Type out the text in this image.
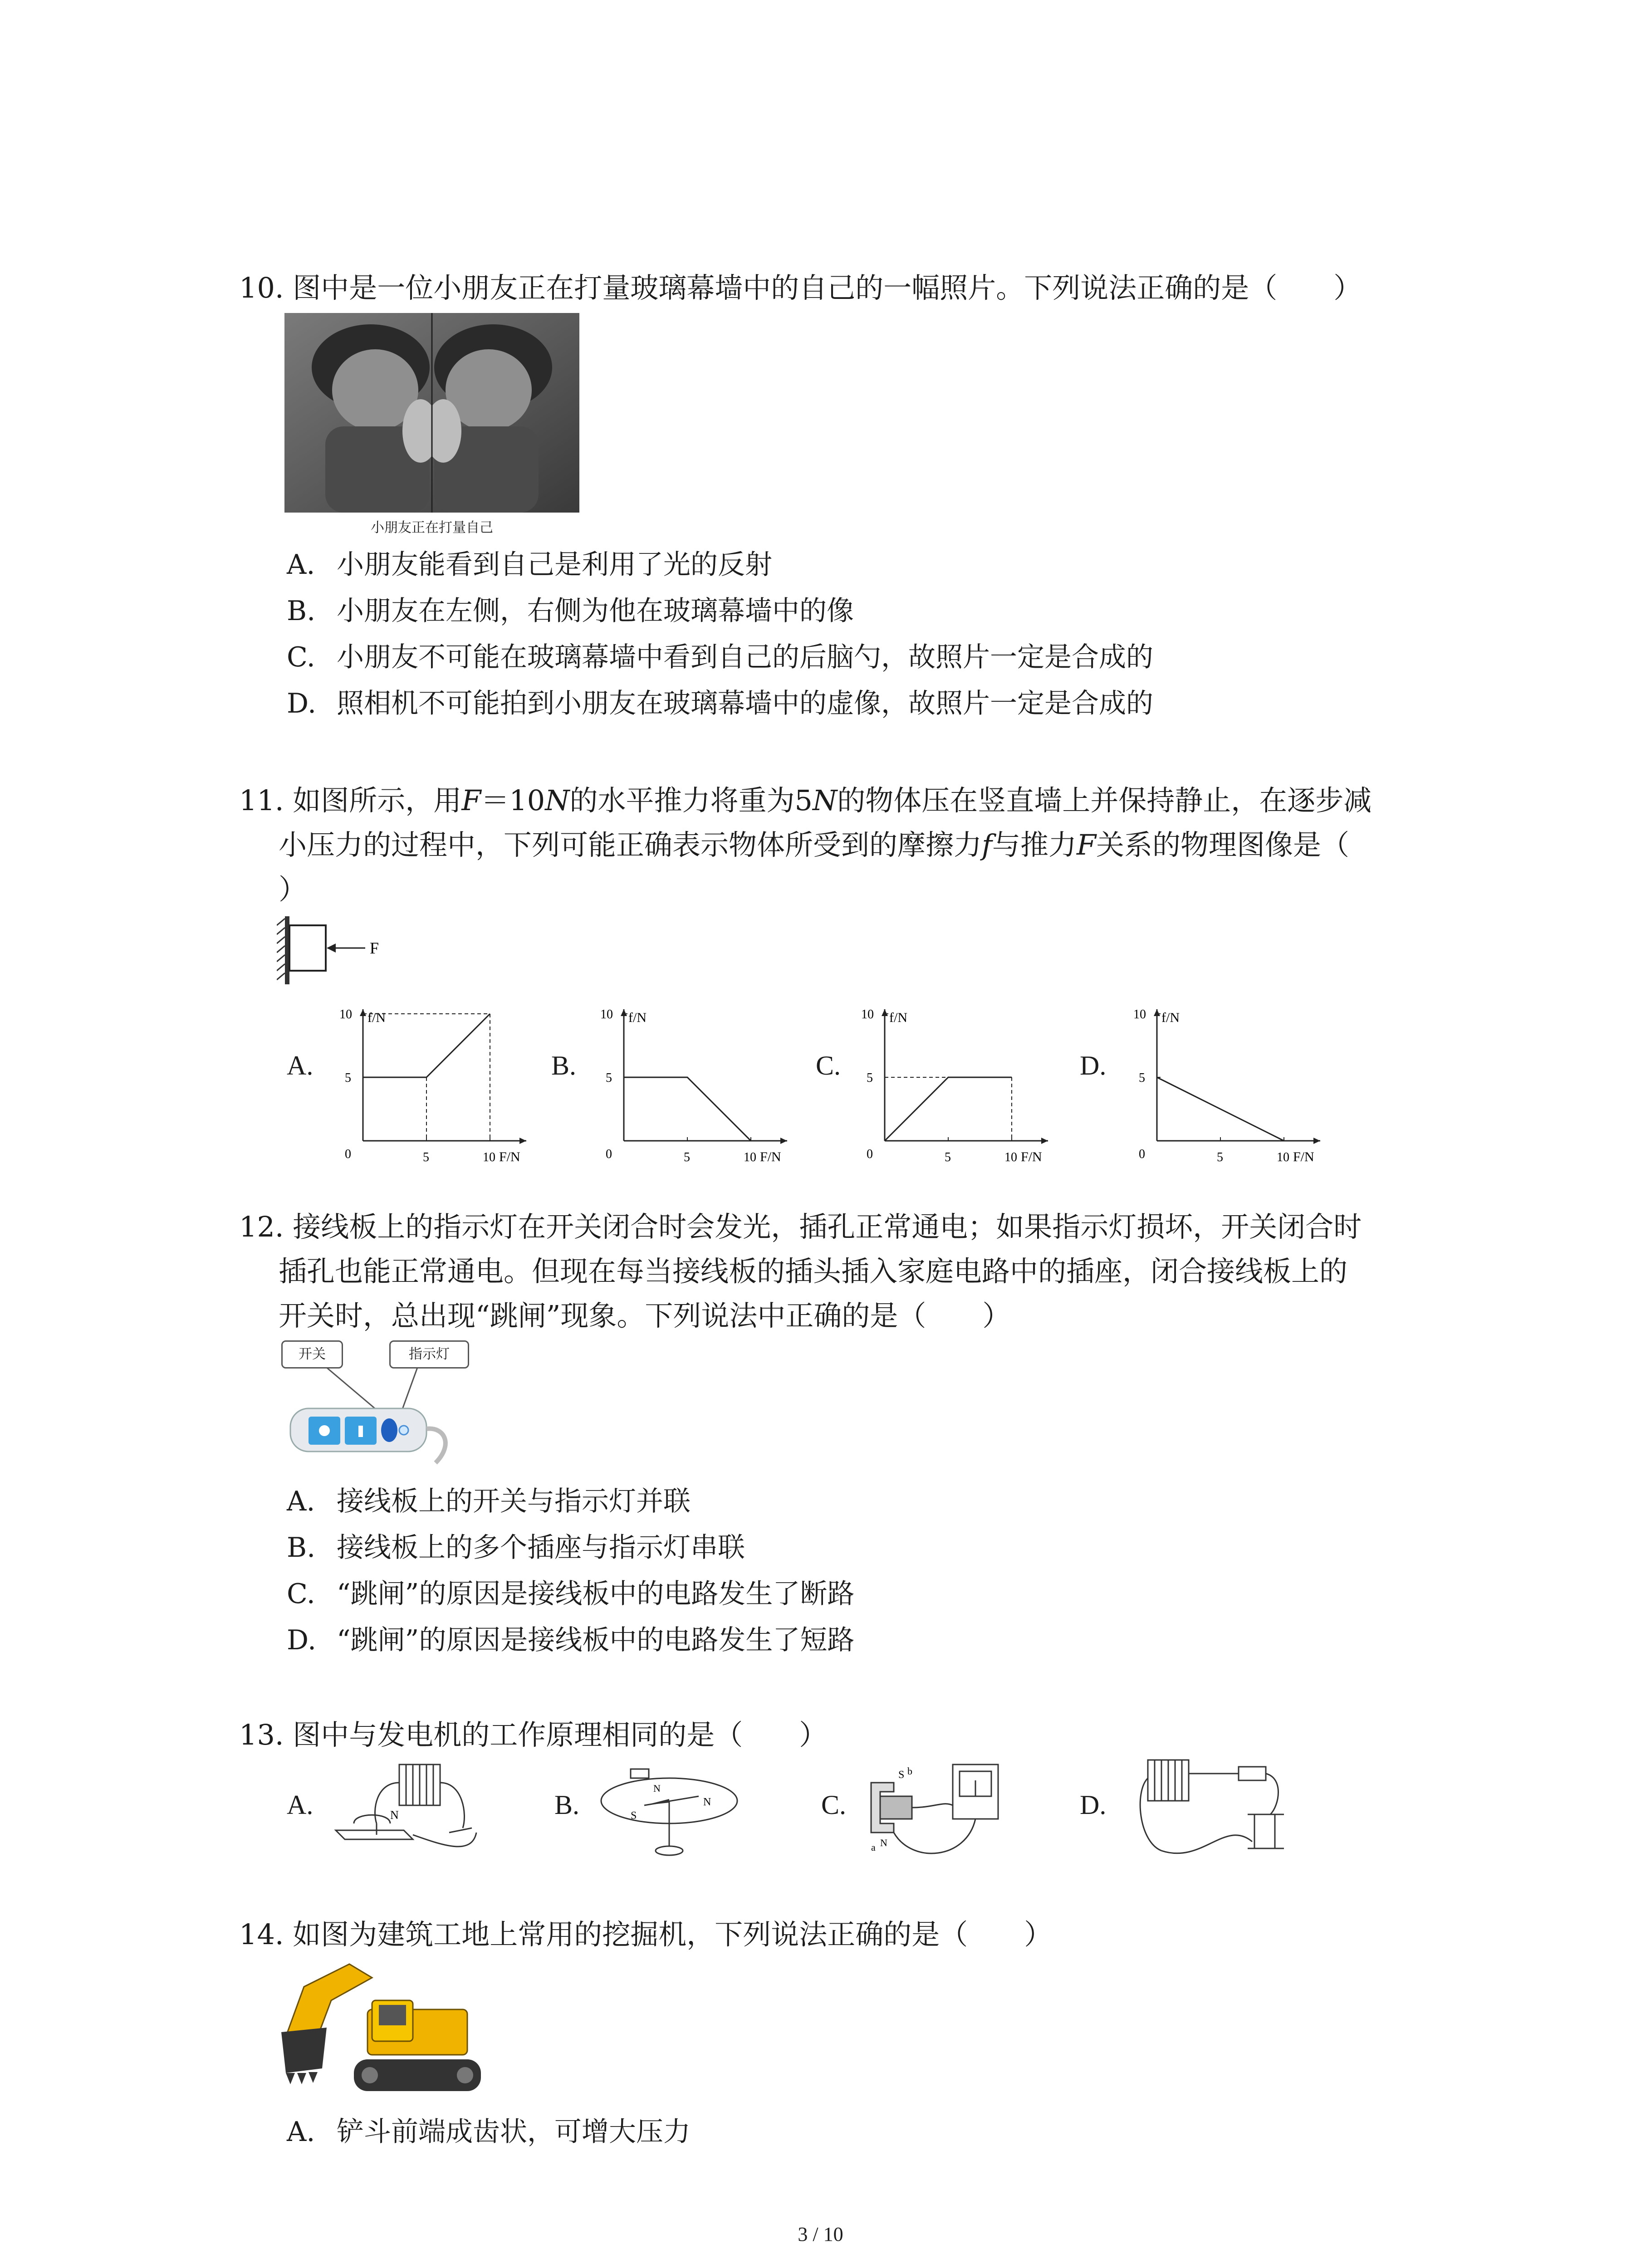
10. 图中是一位小朋友正在打量玻璃幕墙中的自己的一幅照片。下列说法正确的是（　　）
小朋友正在打量自己
A. 小朋友能看到自己是利用了光的反射
B. 小朋友在左侧，右侧为他在玻璃幕墙中的像
C. 小朋友不可能在玻璃幕墙中看到自己的后脑勺，故照片一定是合成的
D. 照相机不可能拍到小朋友在玻璃幕墙中的虚像，故照片一定是合成的
11. 如图所示，用F＝10N的水平推力将重为5N的物体压在竖直墙上并保持静止，在逐步减
小压力的过程中，下列可能正确表示物体所受到的摩擦力f与推力F关系的物理图像是（
）
F
A.	B.	C.	D.
f/N
F/N
0	5	10
5
10	f/N
F/N
0	5	10
5
10	f/N
F/N
0	5	10
5
10	f/N
F/N
0	5	10
5
10
12. 接线板上的指示灯在开关闭合时会发光，插孔正常通电；如果指示灯损坏，开关闭合时
插孔也能正常通电。但现在每当接线板的插头插入家庭电路中的插座，闭合接线板上的
开关时，总出现“跳闸”现象。下列说法中正确的是（　　）
开关	指示灯
A. 接线板上的开关与指示灯并联
B. 接线板上的多个插座与指示灯串联
C. “跳闸”的原因是接线板中的电路发生了断路
D. “跳闸”的原因是接线板中的电路发生了短路
13. 图中与发电机的工作原理相同的是（　　）
A.	B.	C.	D.
N	S
N
N
S b
a N
14. 如图为建筑工地上常用的挖掘机，下列说法正确的是（　　）
A. 铲斗前端成齿状，可增大压力
3 / 10
